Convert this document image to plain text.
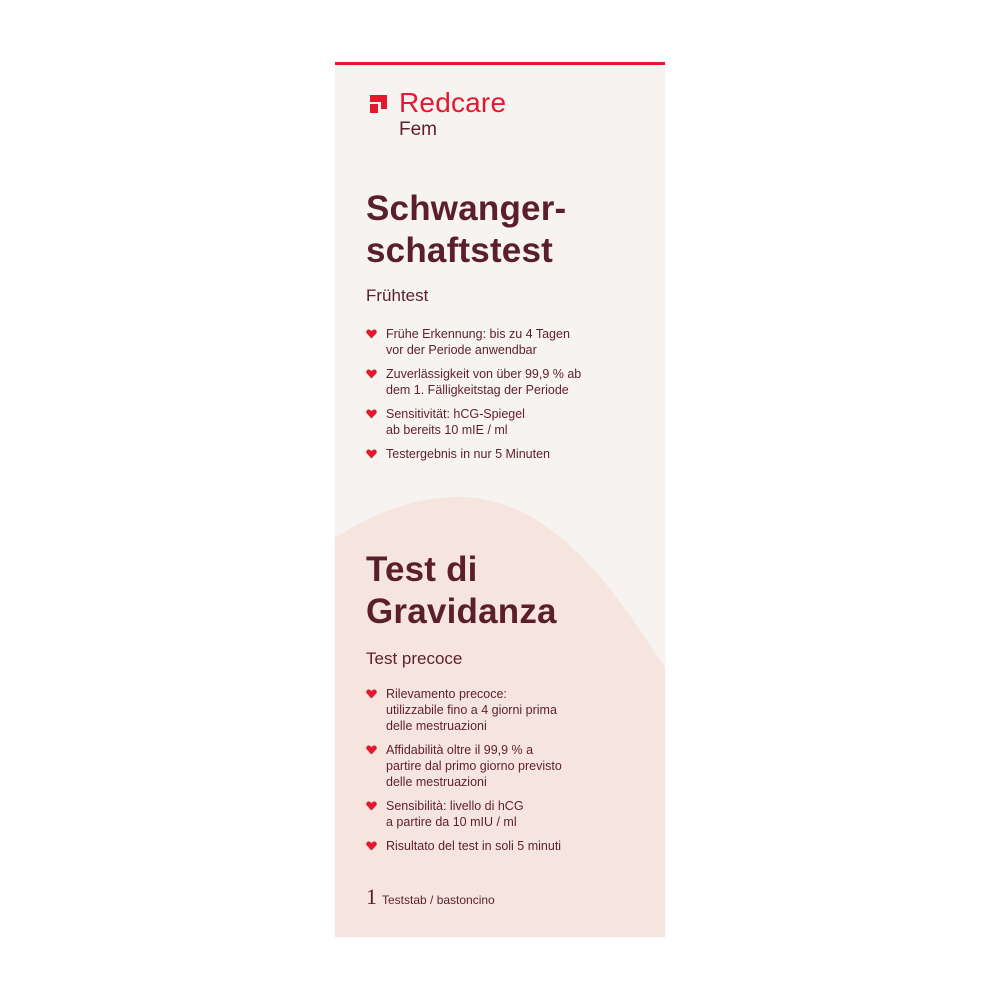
Redcare
Fem
Schwanger-
schaftstest
Frühtest
Frühe Erkennung: bis zu 4 Tagen
vor der Periode anwendbar
Zuverlässigkeit von über 99,9 % ab
dem 1. Fälligkeitstag der Periode
Sensitivität: hCG-Spiegel
ab bereits 10 mIE / ml
Testergebnis in nur 5 Minuten
Test di
Gravidanza
Test precoce
Rilevamento precoce:
utilizzabile fino a 4 giorni prima
delle mestruazioni
Affidabilità oltre il 99,9 % a
partire dal primo giorno previsto
delle mestruazioni
Sensibilità: livello di hCG
a partire da 10 mIU / ml
Risultato del test in soli 5 minuti
1 Teststab / bastoncino
